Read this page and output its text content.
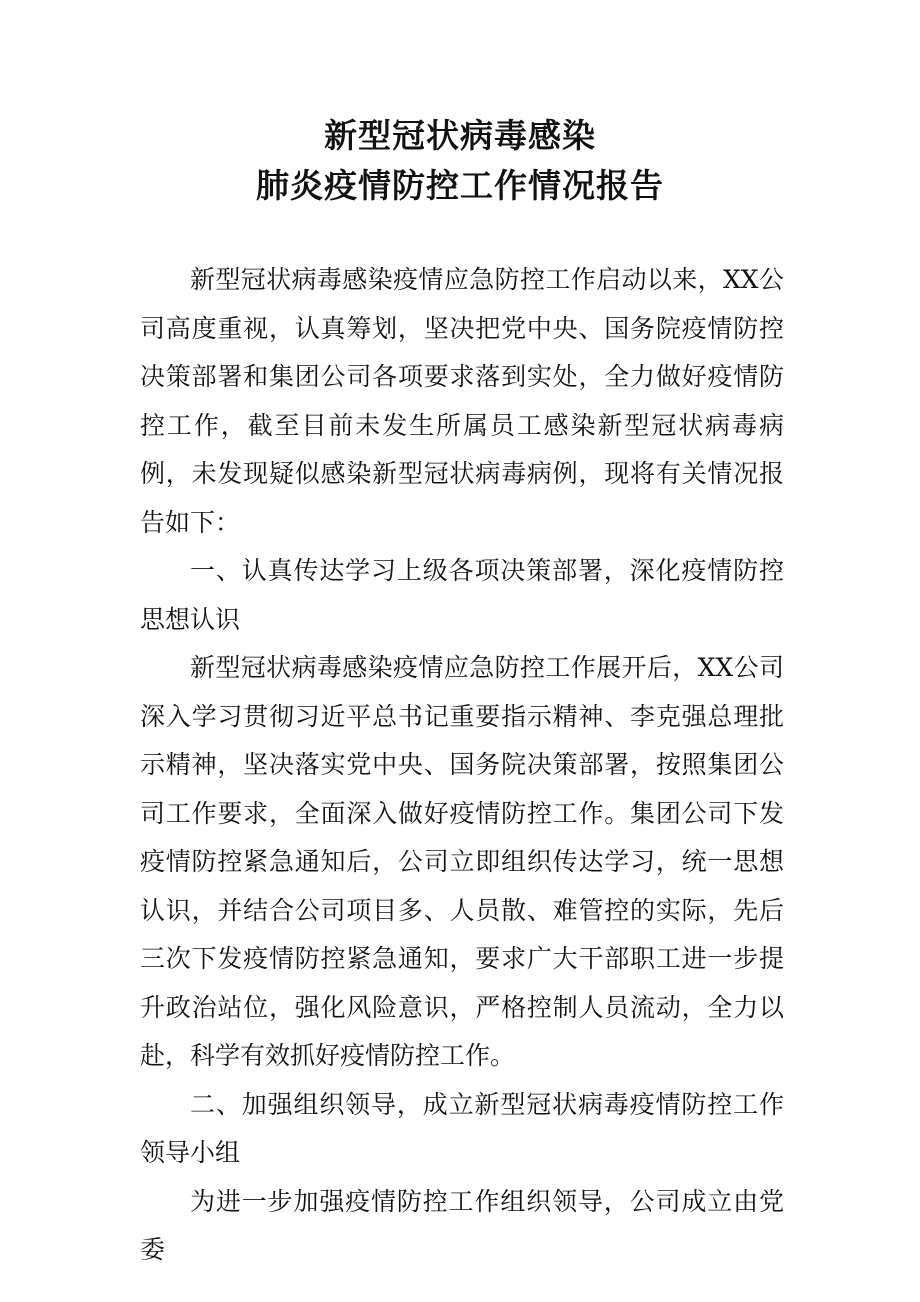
新型冠状病毒感染
肺炎疫情防控工作情况报告

新型冠状病毒感染疫情应急防控工作启动以来，XX公司高度重视，认真筹划，坚决把党中央、国务院疫情防控决策部署和集团公司各项要求落到实处，全力做好疫情防控工作，截至目前未发生所属员工感染新型冠状病毒病例，未发现疑似感染新型冠状病毒病例，现将有关情况报告如下：

一、认真传达学习上级各项决策部署，深化疫情防控思想认识

新型冠状病毒感染疫情应急防控工作展开后，XX公司深入学习贯彻习近平总书记重要指示精神、李克强总理批示精神，坚决落实党中央、国务院决策部署，按照集团公司工作要求，全面深入做好疫情防控工作。集团公司下发疫情防控紧急通知后，公司立即组织传达学习，统一思想认识，并结合公司项目多、人员散、难管控的实际，先后三次下发疫情防控紧急通知，要求广大干部职工进一步提升政治站位，强化风险意识，严格控制人员流动，全力以赴，科学有效抓好疫情防控工作。

二、加强组织领导，成立新型冠状病毒疫情防控工作领导小组

为进一步加强疫情防控工作组织领导，公司成立由党委
